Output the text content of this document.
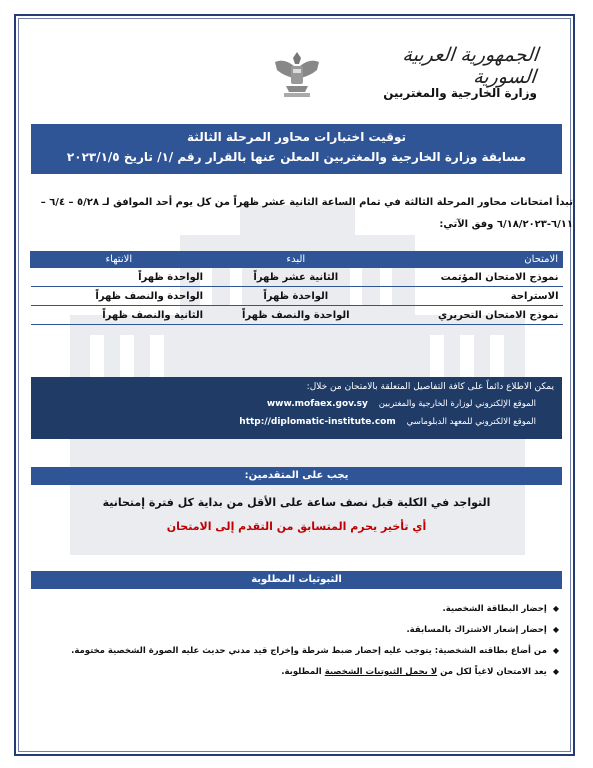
الجمهورية العربية السورية
وزارة الخارجية والمغتربين
توقيت اختبارات محاور المرحلة الثالثة
مسابقة وزارة الخارجية والمغتربين المعلن عنها بالقرار رقم /١/ تاريخ ٢٠٢٣/١/٥
تبدأ امتحانات محاور المرحلة الثالثة في تمام الساعة الثانية عشر ظهراً من كل يوم أحد الموافق لـ ٥/٢٨ – ٦/٤ –
٦/١١-٦/١٨/٢٠٢٣ وفق الآتي:
الامتحان	البدء	الانتهاء
نموذج الامتحان المؤتمت	الثانية عشر ظهراً	الواحدة ظهراً
الاستراحة	الواحدة ظهراً	الواحدة والنصف ظهراً
نموذج الامتحان التحريري	الواحدة والنصف ظهراً	الثانية والنصف ظهراً
يمكن الاطلاع دائماً على كافة التفاصيل المتعلقة بالامتحان من خلال:
الموقع الإلكتروني لوزارة الخارجية والمغتربين www.mofaex.gov.sy
الموقع الالكتروني للمعهد الدبلوماسي http://diplomatic-institute.com
يجب على المتقدمين:
التواجد في الكلية قبل نصف ساعة على الأقل من بداية كل فترة إمتحانية
أي تأخير يحرم المتسابق من التقدم إلى الامتحان
الثبوتيات المطلوبة
◆
إحضار البطاقة الشخصية.
◆
إحضار إشعار الاشتراك بالمسابقة.
◆
من أضاع بطاقته الشخصية: يتوجب عليه إحضار ضبط شرطة وإخراج قيد مدني حديث عليه الصورة الشخصية مختومة.
◆
يعد الامتحان لاغياً لكل من لا يحمل الثبوتيات الشخصية المطلوبة.
